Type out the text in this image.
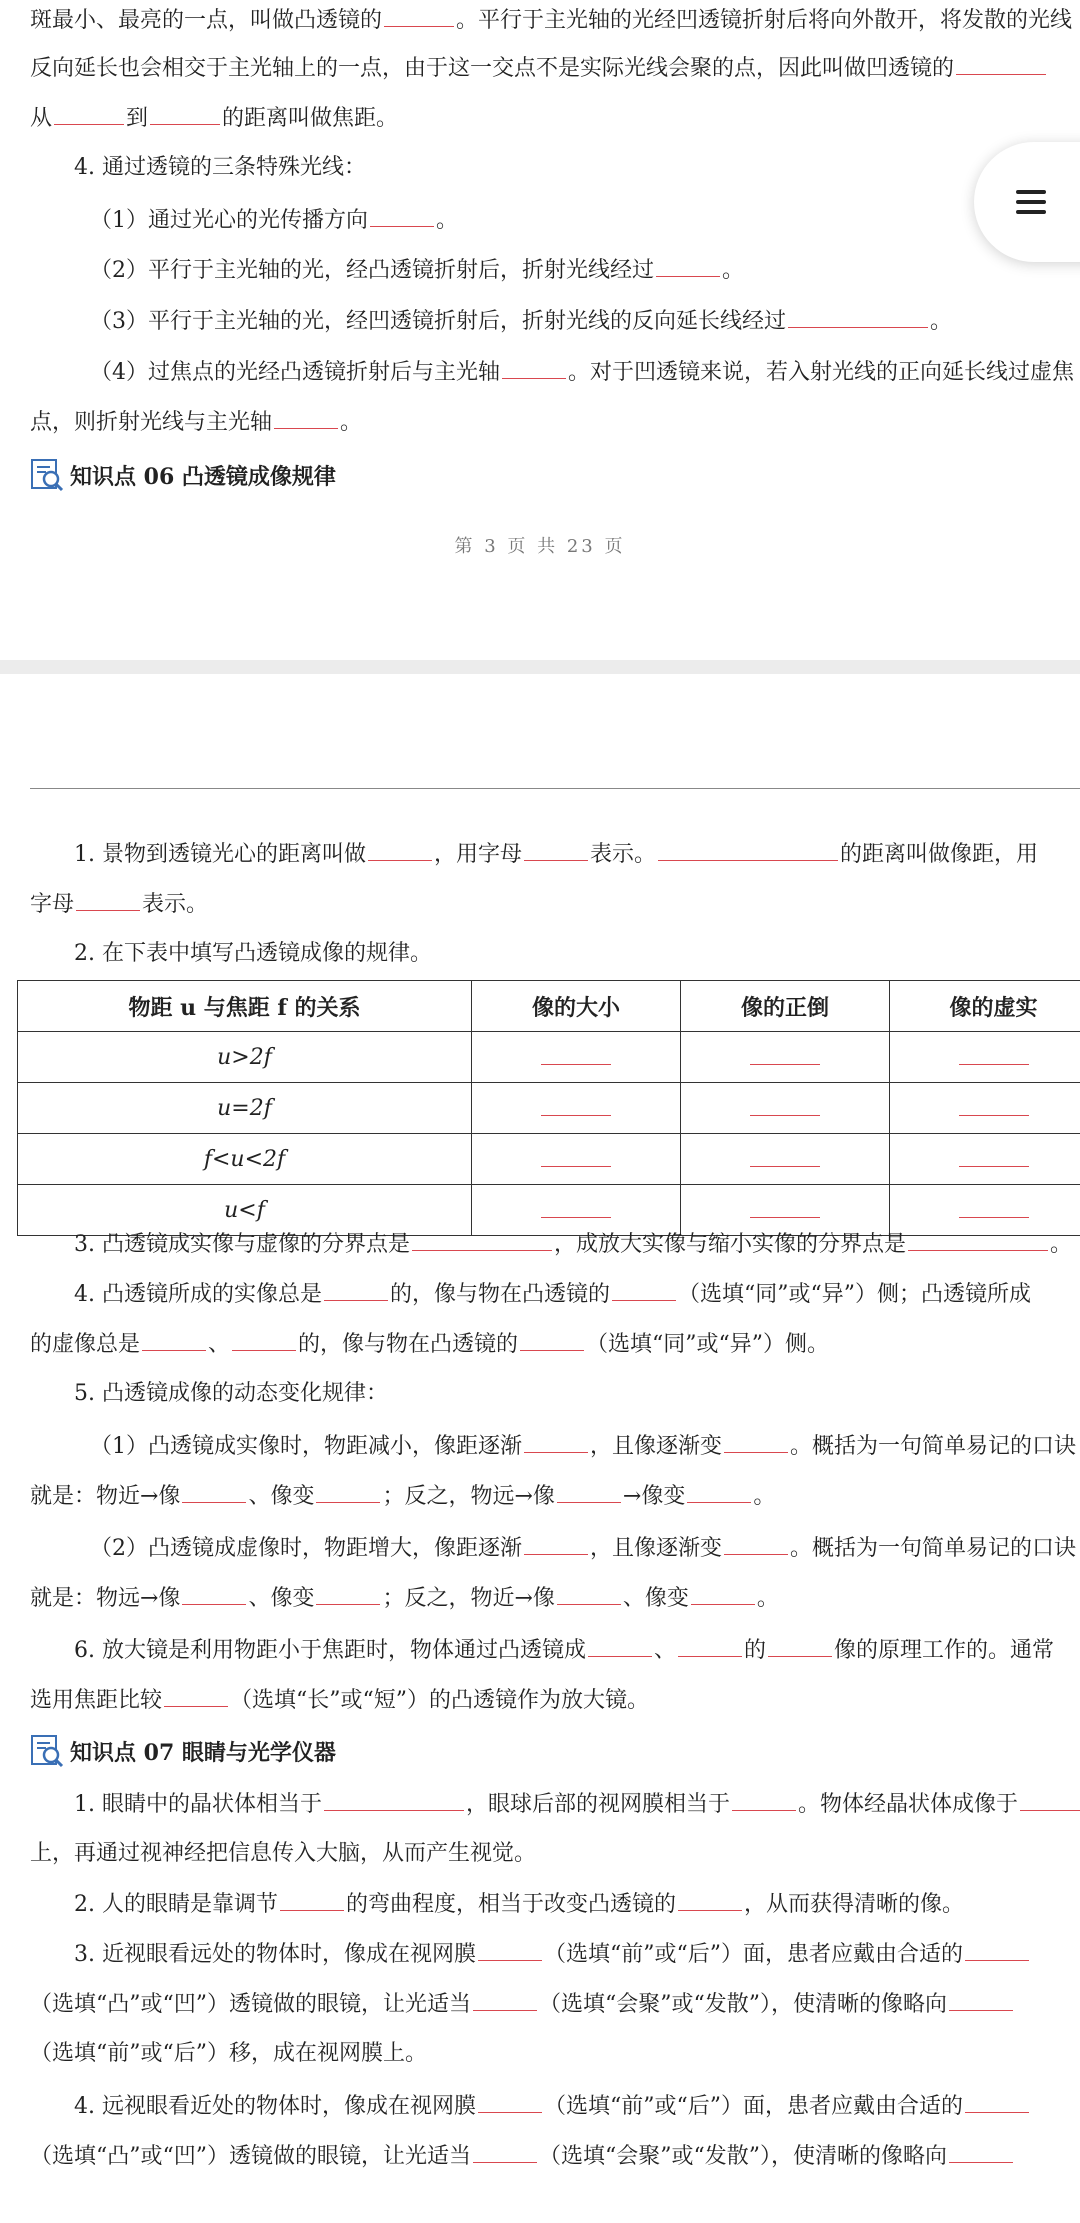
斑最小、最亮的一点，叫做凸透镜的	。平行于主光轴的光经凹透镜折射后将向外散开，将发散的光线
反向延长也会相交于主光轴上的一点，由于这一交点不是实际光线会聚的点，因此叫做凹透镜的
从	到	的距离叫做焦距。
4. 通过透镜的三条特殊光线：
（1）通过光心的光传播方向	。
（2）平行于主光轴的光，经凸透镜折射后，折射光线经过	。
（3）平行于主光轴的光，经凹透镜折射后，折射光线的反向延长线经过	。
（4）过焦点的光经凸透镜折射后与主光轴	。对于凹透镜来说，若入射光线的正向延长线过虚焦
点，则折射光线与主光轴	。
知识点 06 凸透镜成像规律
第 3 页 共 23 页
1. 景物到透镜光心的距离叫做	，用字母	表示。	的距离叫做像距，用
字母	表示。
2. 在下表中填写凸透镜成像的规律。
物距 u 与焦距 f 的关系	像的大小	像的正倒	像的虚实
u>2f			
u=2f			
f<u<2f			
u<f			
3. 凸透镜成实像与虚像的分界点是	，成放大实像与缩小实像的分界点是	。
4. 凸透镜所成的实像总是	的，像与物在凸透镜的	（选填“同”或“异”）侧；凸透镜所成
的虚像总是	、	的，像与物在凸透镜的	（选填“同”或“异”）侧。
5. 凸透镜成像的动态变化规律：
（1）凸透镜成实像时，物距减小，像距逐渐	，且像逐渐变	。概括为一句简单易记的口诀
就是：物近→像	、像变	；反之，物远→像	→像变	。
（2）凸透镜成虚像时，物距增大，像距逐渐	，且像逐渐变	。概括为一句简单易记的口诀
就是：物远→像	、像变	；反之，物近→像	、像变	。
6. 放大镜是利用物距小于焦距时，物体通过凸透镜成	、	的	像的原理工作的。通常
选用焦距比较	（选填“长”或“短”）的凸透镜作为放大镜。
知识点 07 眼睛与光学仪器
1. 眼睛中的晶状体相当于	，眼球后部的视网膜相当于	。物体经晶状体成像于
上，再通过视神经把信息传入大脑，从而产生视觉。
2. 人的眼睛是靠调节	的弯曲程度，相当于改变凸透镜的	，从而获得清晰的像。
3. 近视眼看远处的物体时，像成在视网膜	（选填“前”或“后”）面，患者应戴由合适的
（选填“凸”或“凹”）透镜做的眼镜，让光适当	（选填“会聚”或“发散”），使清晰的像略向
（选填“前”或“后”）移，成在视网膜上。
4. 远视眼看近处的物体时，像成在视网膜	（选填“前”或“后”）面，患者应戴由合适的
（选填“凸”或“凹”）透镜做的眼镜，让光适当	（选填“会聚”或“发散”），使清晰的像略向
